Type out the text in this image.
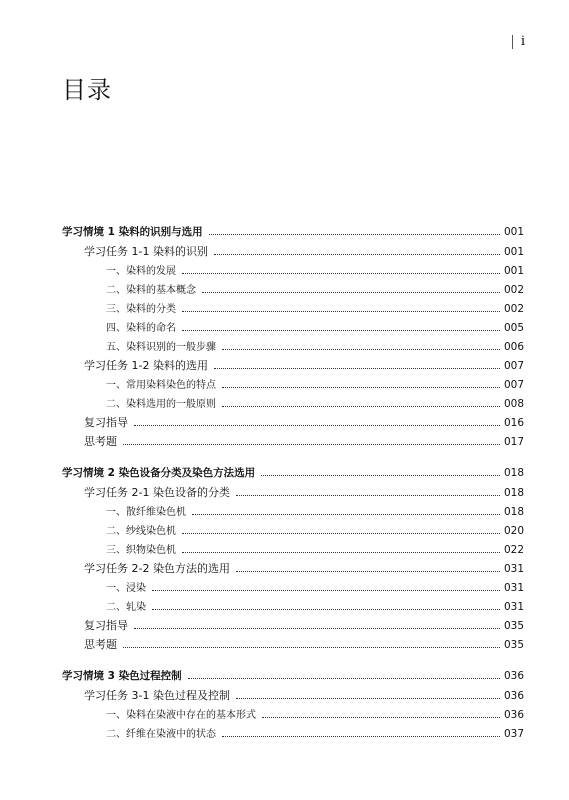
i
目录
学习情境 1 染料的识别与选用	001
学习任务 1-1 染料的识别	001
一、染料的发展	001
二、染料的基本概念	002
三、染料的分类	002
四、染料的命名	005
五、染料识别的一般步骤	006
学习任务 1-2 染料的选用	007
一、常用染料染色的特点	007
二、染料选用的一般原则	008
复习指导	016
思考题	017
学习情境 2 染色设备分类及染色方法选用	018
学习任务 2-1 染色设备的分类	018
一、散纤维染色机	018
二、纱线染色机	020
三、织物染色机	022
学习任务 2-2 染色方法的选用	031
一、浸染	031
二、轧染	031
复习指导	035
思考题	035
学习情境 3 染色过程控制	036
学习任务 3-1 染色过程及控制	036
一、染料在染液中存在的基本形式	036
二、纤维在染液中的状态	037
